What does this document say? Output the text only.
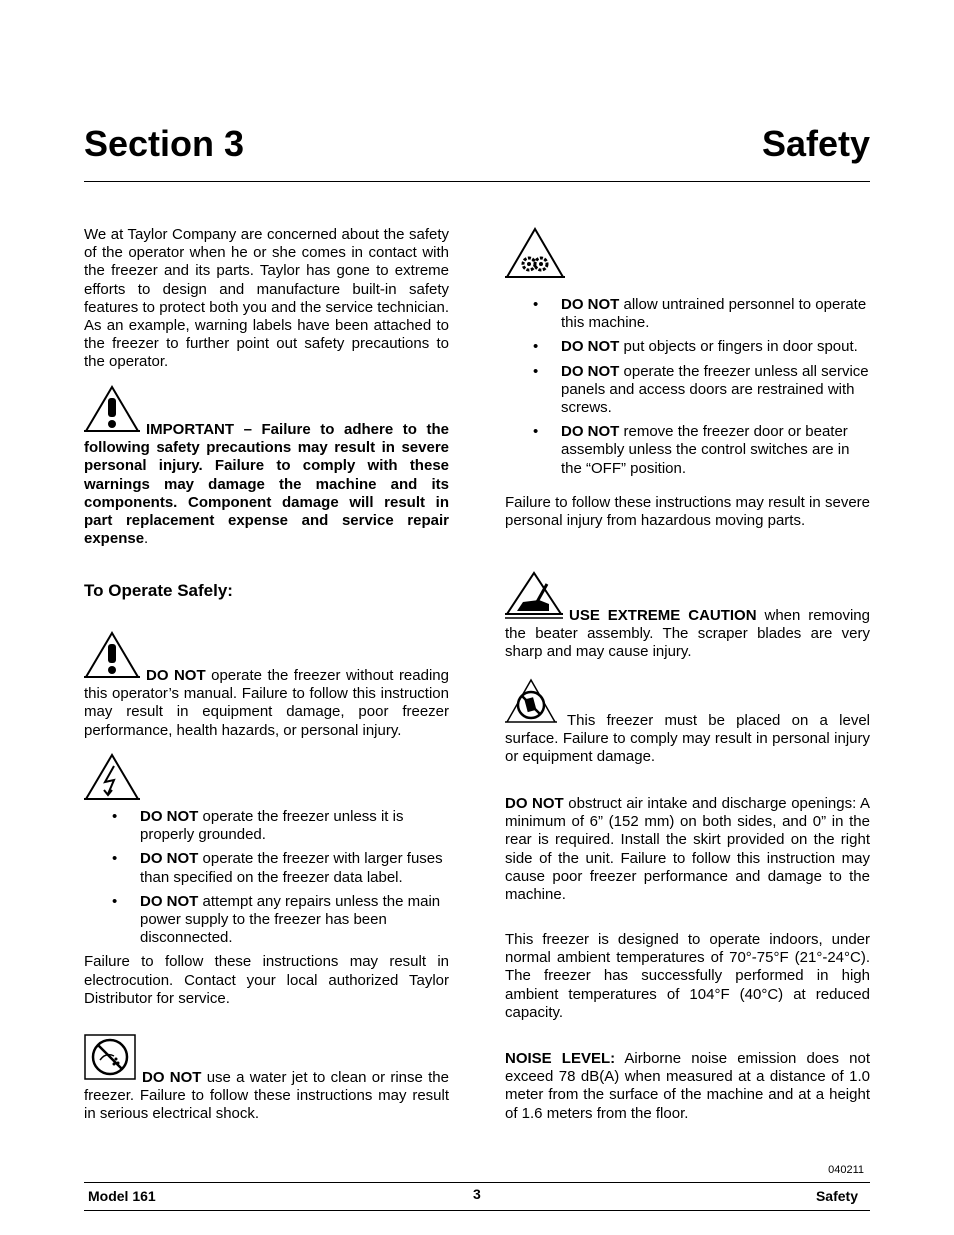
Section 3	Safety

We at Taylor Company are concerned about the safety of the operator when he or she comes in contact with the freezer and its parts. Taylor has gone to extreme efforts to design and manufacture built-in safety features to protect both you and the service technician. As an example, warning labels have been attached to the freezer to further point out safety precautions to the operator.

IMPORTANT – Failure to adhere to the following safety precautions may result in severe personal injury. Failure to comply with these warnings may damage the machine and its components. Component damage will result in part replacement expense and service repair expense.

To Operate Safely:

DO NOT operate the freezer without reading this operator’s manual. Failure to follow this instruction may result in equipment damage, poor freezer performance, health hazards, or personal injury.

• DO NOT operate the freezer unless it is properly grounded.
• DO NOT operate the freezer with larger fuses than specified on the freezer data label.
• DO NOT attempt any repairs unless the main power supply to the freezer has been disconnected.

Failure to follow these instructions may result in electrocution. Contact your local authorized Taylor Distributor for service.

DO NOT use a water jet to clean or rinse the freezer. Failure to follow these instructions may result in serious electrical shock.

• DO NOT allow untrained personnel to operate this machine.
• DO NOT put objects or fingers in door spout.
• DO NOT operate the freezer unless all service panels and access doors are restrained with screws.
• DO NOT remove the freezer door or beater assembly unless the control switches are in the “OFF” position.

Failure to follow these instructions may result in severe personal injury from hazardous moving parts.

USE EXTREME CAUTION when removing the beater assembly. The scraper blades are very sharp and may cause injury.

This freezer must be placed on a level surface. Failure to comply may result in personal injury or equipment damage.

DO NOT obstruct air intake and discharge openings: A minimum of 6” (152 mm) on both sides, and 0” in the rear is required. Install the skirt provided on the right side of the unit. Failure to follow this instruction may cause poor freezer performance and damage to the machine.

This freezer is designed to operate indoors, under normal ambient temperatures of 70°-75°F (21°-24°C). The freezer has successfully performed in high ambient temperatures of 104°F (40°C) at reduced capacity.

NOISE LEVEL: Airborne noise emission does not exceed 78 dB(A) when measured at a distance of 1.0 meter from the surface of the machine and at a height of 1.6 meters from the floor.

040211
Model 161	3	Safety
